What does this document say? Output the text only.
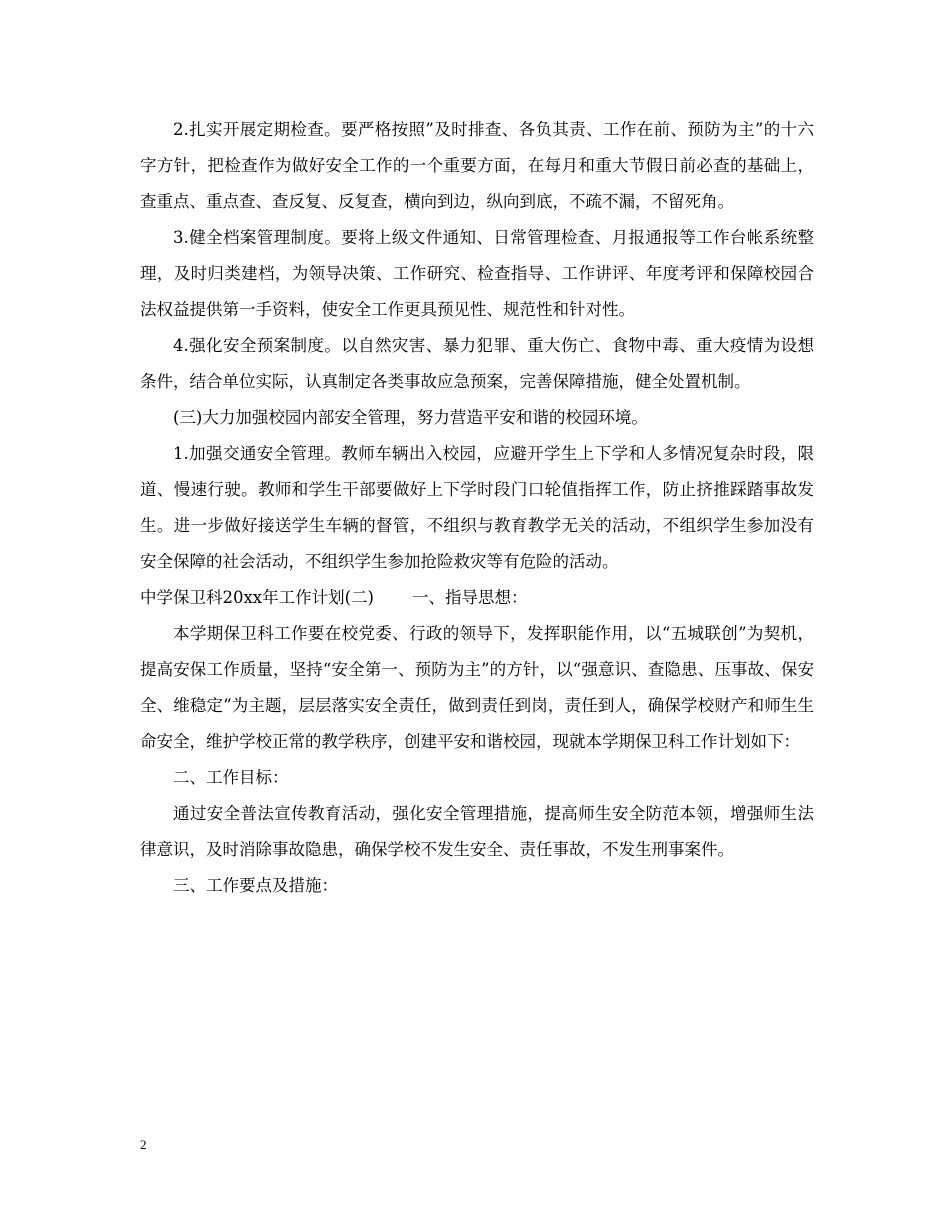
2.扎实开展定期检查。要严格按照”及时排查、各负其责、工作在前、预防为主”的十六字方针，把检查作为做好安全工作的一个重要方面，在每月和重大节假日前必查的基础上，查重点、重点查、查反复、反复查，横向到边，纵向到底，不疏不漏，不留死角。

3.健全档案管理制度。要将上级文件通知、日常管理检查、月报通报等工作台帐系统整理，及时归类建档，为领导决策、工作研究、检查指导、工作讲评、年度考评和保障校园合法权益提供第一手资料，使安全工作更具预见性、规范性和针对性。

4.强化安全预案制度。以自然灾害、暴力犯罪、重大伤亡、食物中毒、重大疫情为设想条件，结合单位实际，认真制定各类事故应急预案，完善保障措施，健全处置机制。

(三)大力加强校园内部安全管理，努力营造平安和谐的校园环境。

1.加强交通安全管理。教师车辆出入校园，应避开学生上下学和人多情况复杂时段，限道、慢速行驶。教师和学生干部要做好上下学时段门口轮值指挥工作，防止挤推踩踏事故发生。进一步做好接送学生车辆的督管，不组织与教育教学无关的活动，不组织学生参加没有安全保障的社会活动，不组织学生参加抢险救灾等有危险的活动。

中学保卫科20xx年工作计划(二) 一、指导思想：

本学期保卫科工作要在校党委、行政的领导下，发挥职能作用，以“五城联创”为契机，提高安保工作质量，坚持“安全第一、预防为主”的方针，以“强意识、查隐患、压事故、保安全、维稳定”为主题，层层落实安全责任，做到责任到岗，责任到人，确保学校财产和师生生命安全，维护学校正常的教学秩序，创建平安和谐校园，现就本学期保卫科工作计划如下：

二、工作目标：

通过安全普法宣传教育活动，强化安全管理措施，提高师生安全防范本领，增强师生法律意识，及时消除事故隐患，确保学校不发生安全、责任事故，不发生刑事案件。

三、工作要点及措施：

2
